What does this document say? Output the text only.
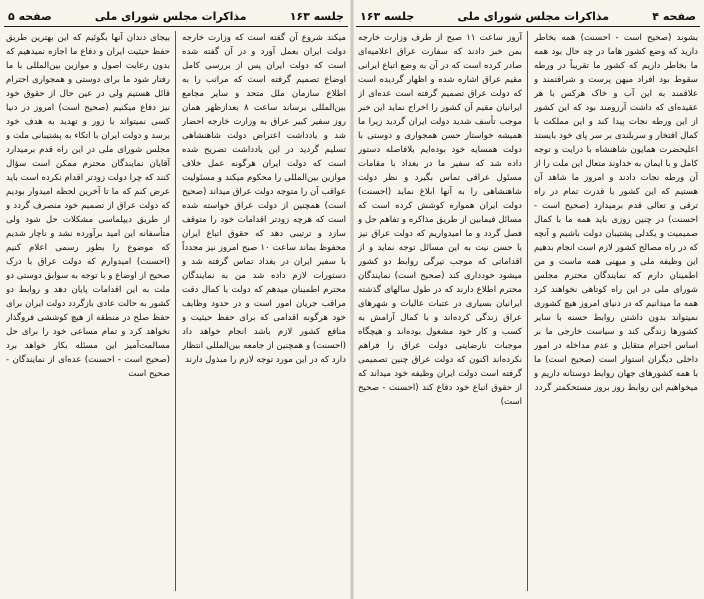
صفحه ۴
مذاکرات مجلس شورای ملی
جلسه ۱۶۳

بشوند (صحیح است - احسنت) همه بخاطر دارید که وضع کشور هاما در چه حال بود همه ما بخاطر داریم که کشور ما تقریباً در ورطه سقوط بود افراد میهن پرست و شرافتمند و علاقمند به این آب و خاک هرکس با هر عقیده‌ای که داشت آرزومند بود که این کشور از این ورطه نجات پیدا کند و این مملکت با کمال افتخار و سربلندی بر سر پای خود بایستد اعلیحضرت همایون شاهنشاه با درایت و توجه کامل و با ایمان به خداوند متعال این ملت را از آن ورطه نجات دادند و امروز ما شاهد آن هستیم که این کشور با قدرت تمام در راه ترقی و تعالی قدم برمیدارد (صحیح است - احسنت) در چنین روزی باید همه ما با کمال صمیمیت و یکدلی پشتیبان دولت باشیم و آنچه که در راه مصالح کشور لازم است انجام بدهیم این وظیفه ملی و میهنی همه ماست و من اطمینان دارم که نمایندگان محترم مجلس شورای ملی در این راه کوتاهی نخواهند کرد همه ما میدانیم که در دنیای امروز هیچ کشوری نمیتواند بدون داشتن روابط حسنه با سایر کشورها زندگی کند و سیاست خارجی ما بر اساس احترام متقابل و عدم مداخله در امور داخلی دیگران استوار است (صحیح است) ما با همه کشورهای جهان روابط دوستانه داریم و میخواهیم این روابط روز بروز مستحکمتر گردد

آروز ساعت ۱۱ صبح از طرف وزارت خارجه بمن خبر دادند که سفارت عراق اعلامیه‌ای صادر کرده است که در آن به وضع اتباع ایرانی مقیم عراق اشاره شده و اظهار گردیده است که دولت عراق تصمیم گرفته است عده‌ای از ایرانیان مقیم آن کشور را اخراج نماید این خبر موجب تأسف شدید دولت ایران گردید زیرا ما همیشه خواستار حسن همجواری و دوستی با دولت همسایه خود بوده‌ایم بلافاصله دستور داده شد که سفیر ما در بغداد با مقامات مسئول عراقی تماس بگیرد و نظر دولت شاهنشاهی را به آنها ابلاغ نماید (احسنت) دولت ایران همواره کوشش کرده است که مسائل فیمابین از طریق مذاکره و تفاهم حل و فصل گردد و ما امیدواریم که دولت عراق نیز با حسن نیت به این مسائل توجه نماید و از اقداماتی که موجب تیرگی روابط دو کشور میشود خودداری کند (صحیح است) نمایندگان محترم اطلاع دارند که در طول سالهای گذشته ایرانیان بسیاری در عتبات عالیات و شهرهای عراق زندگی کرده‌اند و با کمال آرامش به کسب و کار خود مشغول بوده‌اند و هیچگاه موجبات نارضایتی دولت عراق را فراهم نکرده‌اند اکنون که دولت عراق چنین تصمیمی گرفته است دولت ایران وظیفه خود میداند که از حقوق اتباع خود دفاع کند (احسنت - صحیح است)

جلسه ۱۶۳
مذاکرات مجلس شورای ملی
صفحه ۵

میکند شروع آن گفته است که وزارت خارجه دولت ایران بعمل آورد و در آن گفته شده است که دولت ایران پس از بررسی کامل اوضاع تصمیم گرفته است که مراتب را به اطلاع سازمان ملل متحد و سایر مجامع بین‌المللی برساند ساعت ۸ بعدازظهر همان روز سفیر کبیر عراق به وزارت خارجه احضار شد و یادداشت اعتراض دولت شاهنشاهی تسلیم گردید در این یادداشت تصریح شده است که دولت ایران هرگونه عمل خلاف موازین بین‌المللی را محکوم میکند و مسئولیت عواقب آن را متوجه دولت عراق میداند (صحیح است) همچنین از دولت عراق خواسته شده است که هرچه زودتر اقدامات خود را متوقف سازد و ترتیبی دهد که حقوق اتباع ایران محفوظ بماند ساعت ۱۰ صبح امروز نیز مجدداً با سفیر ایران در بغداد تماس گرفته شد و دستورات لازم داده شد من به نمایندگان محترم اطمینان میدهم که دولت با کمال دقت مراقب جریان امور است و در حدود وظایف خود هرگونه اقدامی که برای حفظ حیثیت و منافع کشور لازم باشد انجام خواهد داد (احسنت) و همچنین از جامعه بین‌المللی انتظار دارد که در این مورد توجه لازم را مبذول دارند

بیجای دندان آنها بگوئیم که این بهترین طریق حفظ حیثیت ایران و دفاع ما اجازه نمیدهیم که بدون رعایت اصول و موازین بین‌المللی با ما رفتار شود ما برای دوستی و همجواری احترام قائل هستیم ولی در عین حال از حقوق خود نیز دفاع میکنیم (صحیح است) امروز در دنیا کسی نمیتواند با زور و تهدید به هدف خود برسد و دولت ایران با اتکاء به پشتیبانی ملت و مجلس شورای ملی در این راه قدم برمیدارد آقایان نمایندگان محترم ممکن است سؤال کنند که چرا دولت زودتر اقدام نکرده است باید عرض کنم که ما تا آخرین لحظه امیدوار بودیم که دولت عراق از تصمیم خود منصرف گردد و از طریق دیپلماسی مشکلات حل شود ولی متأسفانه این امید برآورده نشد و ناچار شدیم که موضوع را بطور رسمی اعلام کنیم (احسنت) امیدوارم که دولت عراق با درک صحیح از اوضاع و با توجه به سوابق دوستی دو ملت به این اقدامات پایان دهد و روابط دو کشور به حالت عادی بازگردد دولت ایران برای حفظ صلح در منطقه از هیچ کوششی فروگذار نخواهد کرد و تمام مساعی خود را برای حل مسالمت‌آمیز این مسئله بکار خواهد برد (صحیح است - احسنت) عده‌ای از نمایندگان - صحیح است
